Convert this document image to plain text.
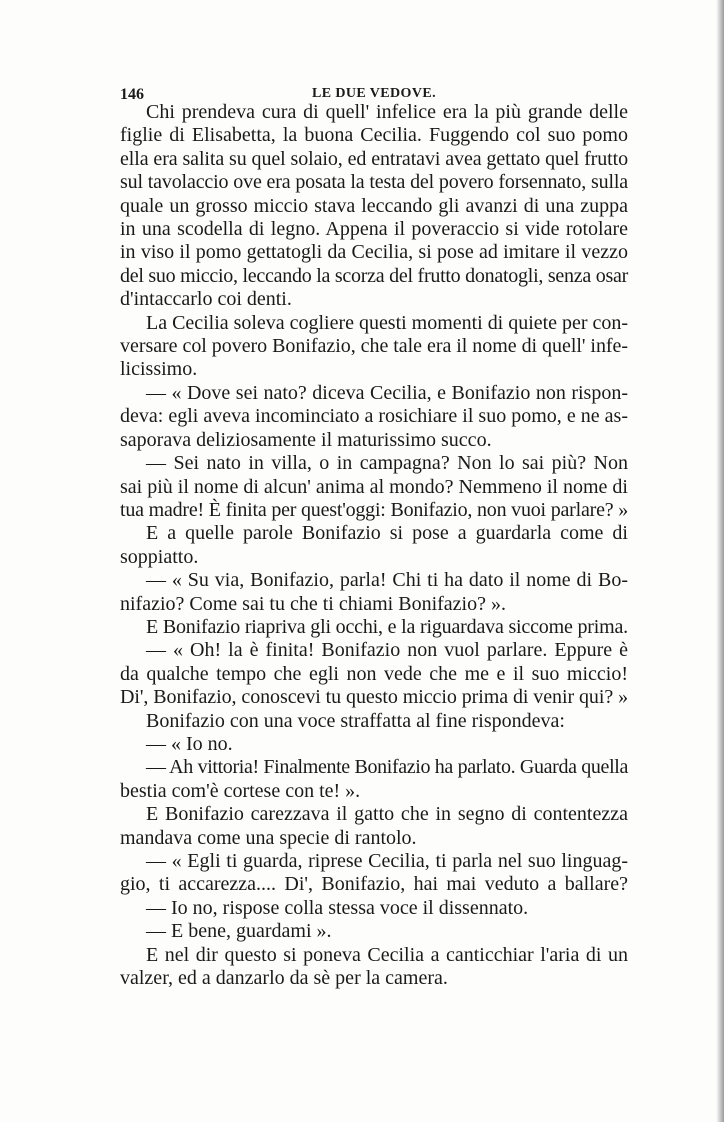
146	LE DUE VEDOVE.
Chi prendeva cura di quell' infelice era la più grande delle
figlie di Elisabetta, la buona Cecilia. Fuggendo col suo pomo
ella era salita su quel solaio, ed entratavi avea gettato quel frutto
sul tavolaccio ove era posata la testa del povero forsennato, sulla
quale un grosso miccio stava leccando gli avanzi di una zuppa
in una scodella di legno. Appena il poveraccio si vide rotolare
in viso il pomo gettatogli da Cecilia, si pose ad imitare il vezzo
del suo miccio, leccando la scorza del frutto donatogli, senza osar
d'intaccarlo coi denti.
La Cecilia soleva cogliere questi momenti di quiete per con-
versare col povero Bonifazio, che tale era il nome di quell' infe-
licissimo.
— « Dove sei nato? diceva Cecilia, e Bonifazio non rispon-
deva: egli aveva incominciato a rosichiare il suo pomo, e ne as-
saporava deliziosamente il maturissimo succo.
— Sei nato in villa, o in campagna? Non lo sai più? Non
sai più il nome di alcun' anima al mondo? Nemmeno il nome di
tua madre! È finita per quest'oggi: Bonifazio, non vuoi parlare? »
E a quelle parole Bonifazio si pose a guardarla come di
soppiatto.
— « Su via, Bonifazio, parla! Chi ti ha dato il nome di Bo-
nifazio? Come sai tu che ti chiami Bonifazio? ».
E Bonifazio riapriva gli occhi, e la riguardava siccome prima.
— « Oh! la è finita! Bonifazio non vuol parlare. Eppure è
da qualche tempo che egli non vede che me e il suo miccio!
Di', Bonifazio, conoscevi tu questo miccio prima di venir qui? »
Bonifazio con una voce straffatta al fine rispondeva:
— « Io no.
— Ah vittoria! Finalmente Bonifazio ha parlato. Guarda quella
bestia com'è cortese con te! ».
E Bonifazio carezzava il gatto che in segno di contentezza
mandava come una specie di rantolo.
— « Egli ti guarda, riprese Cecilia, ti parla nel suo linguag-
gio, ti accarezza.... Di', Bonifazio, hai mai veduto a ballare?
— Io no, rispose colla stessa voce il dissennato.
— E bene, guardami ».
E nel dir questo si poneva Cecilia a canticchiar l'aria di un
valzer, ed a danzarlo da sè per la camera.
